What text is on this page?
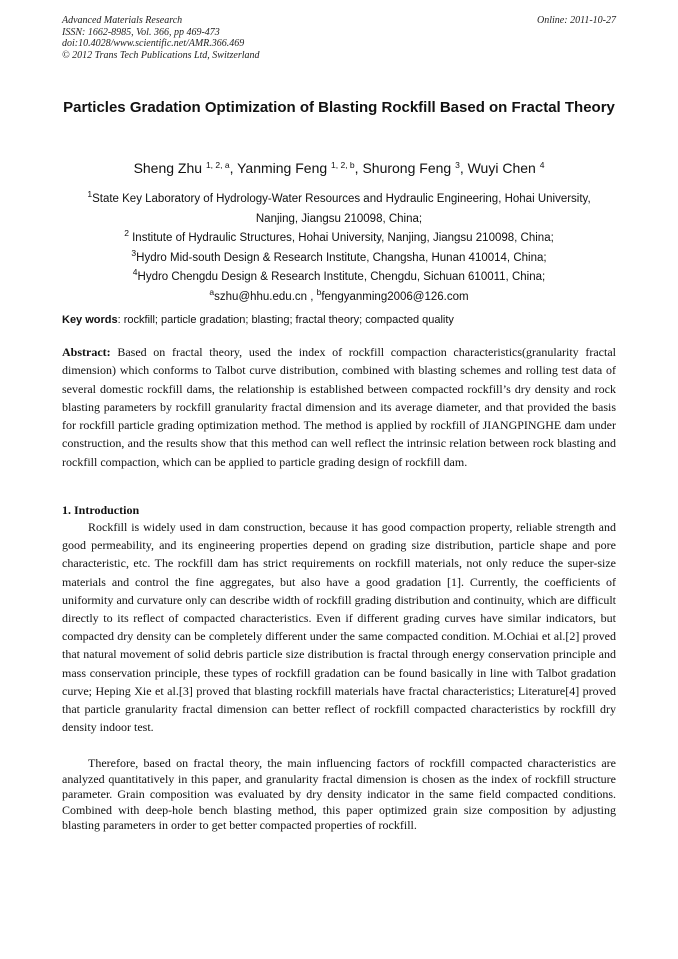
Advanced Materials Research
ISSN: 1662-8985, Vol. 366, pp 469-473
doi:10.4028/www.scientific.net/AMR.366.469
© 2012 Trans Tech Publications Ltd, Switzerland
Online: 2011-10-27
Particles Gradation Optimization of Blasting Rockfill Based on Fractal Theory
Sheng Zhu $^{1, 2, a}$, Yanming Feng $^{1, 2, b}$, Shurong Feng $^3$, Wuyi Chen $^4$
$^1$State Key Laboratory of Hydrology-Water Resources and Hydraulic Engineering, Hohai University,
Nanjing, Jiangsu 210098, China;
$^2$ Institute of Hydraulic Structures, Hohai University, Nanjing, Jiangsu 210098, China;
$^3$Hydro Mid-south Design & Research Institute, Changsha, Hunan 410014, China;
$^4$Hydro Chengdu Design & Research Institute, Chengdu, Sichuan 610011, China;
$^a$szhu@hhu.edu.cn , $^b$fengyanming2006@126.com
Key words: rockfill; particle gradation; blasting; fractal theory; compacted quality
Abstract: Based on fractal theory, used the index of rockfill compaction characteristics(granularity fractal dimension) which conforms to Talbot curve distribution, combined with blasting schemes and rolling test data of several domestic rockfill dams, the relationship is established between compacted rockfill’s dry density and rock blasting parameters by rockfill granularity fractal dimension and its average diameter, and that provided the basis for rockfill particle grading optimization method. The method is applied by rockfill of JIANGPINGHE dam under construction, and the results show that this method can well reflect the intrinsic relation between rock blasting and rockfill compaction, which can be applied to particle grading design of rockfill dam.
1. Introduction
Rockfill is widely used in dam construction, because it has good compaction property, reliable strength and good permeability, and its engineering properties depend on grading size distribution, particle shape and pore characteristic, etc. The rockfill dam has strict requirements on rockfill materials, not only reduce the super-size materials and control the fine aggregates, but also have a good gradation [1]. Currently, the coefficients of uniformity and curvature only can describe width of rockfill grading distribution and continuity, which are difficult directly to its reflect of compacted characteristics. Even if different grading curves have similar indicators, but compacted dry density can be completely different under the same compacted condition. M.Ochiai et al.[2] proved that natural movement of solid debris particle size distribution is fractal through energy conservation principle and mass conservation principle, these types of rockfill gradation can be found basically in line with Talbot gradation curve; Heping Xie et al.[3] proved that blasting rockfill materials have fractal characteristics; Literature[4] proved that particle granularity fractal dimension can better reflect of rockfill compacted characteristics by rockfill dry density indoor test.
Therefore, based on fractal theory, the main influencing factors of rockfill compacted characteristics are analyzed quantitatively in this paper, and granularity fractal dimension is chosen as the index of rockfill structure parameter. Grain composition was evaluated by dry density indicator in the same field compacted conditions. Combined with deep-hole bench blasting method, this paper optimized grain size composition by adjusting blasting parameters in order to get better compacted properties of rockfill.
